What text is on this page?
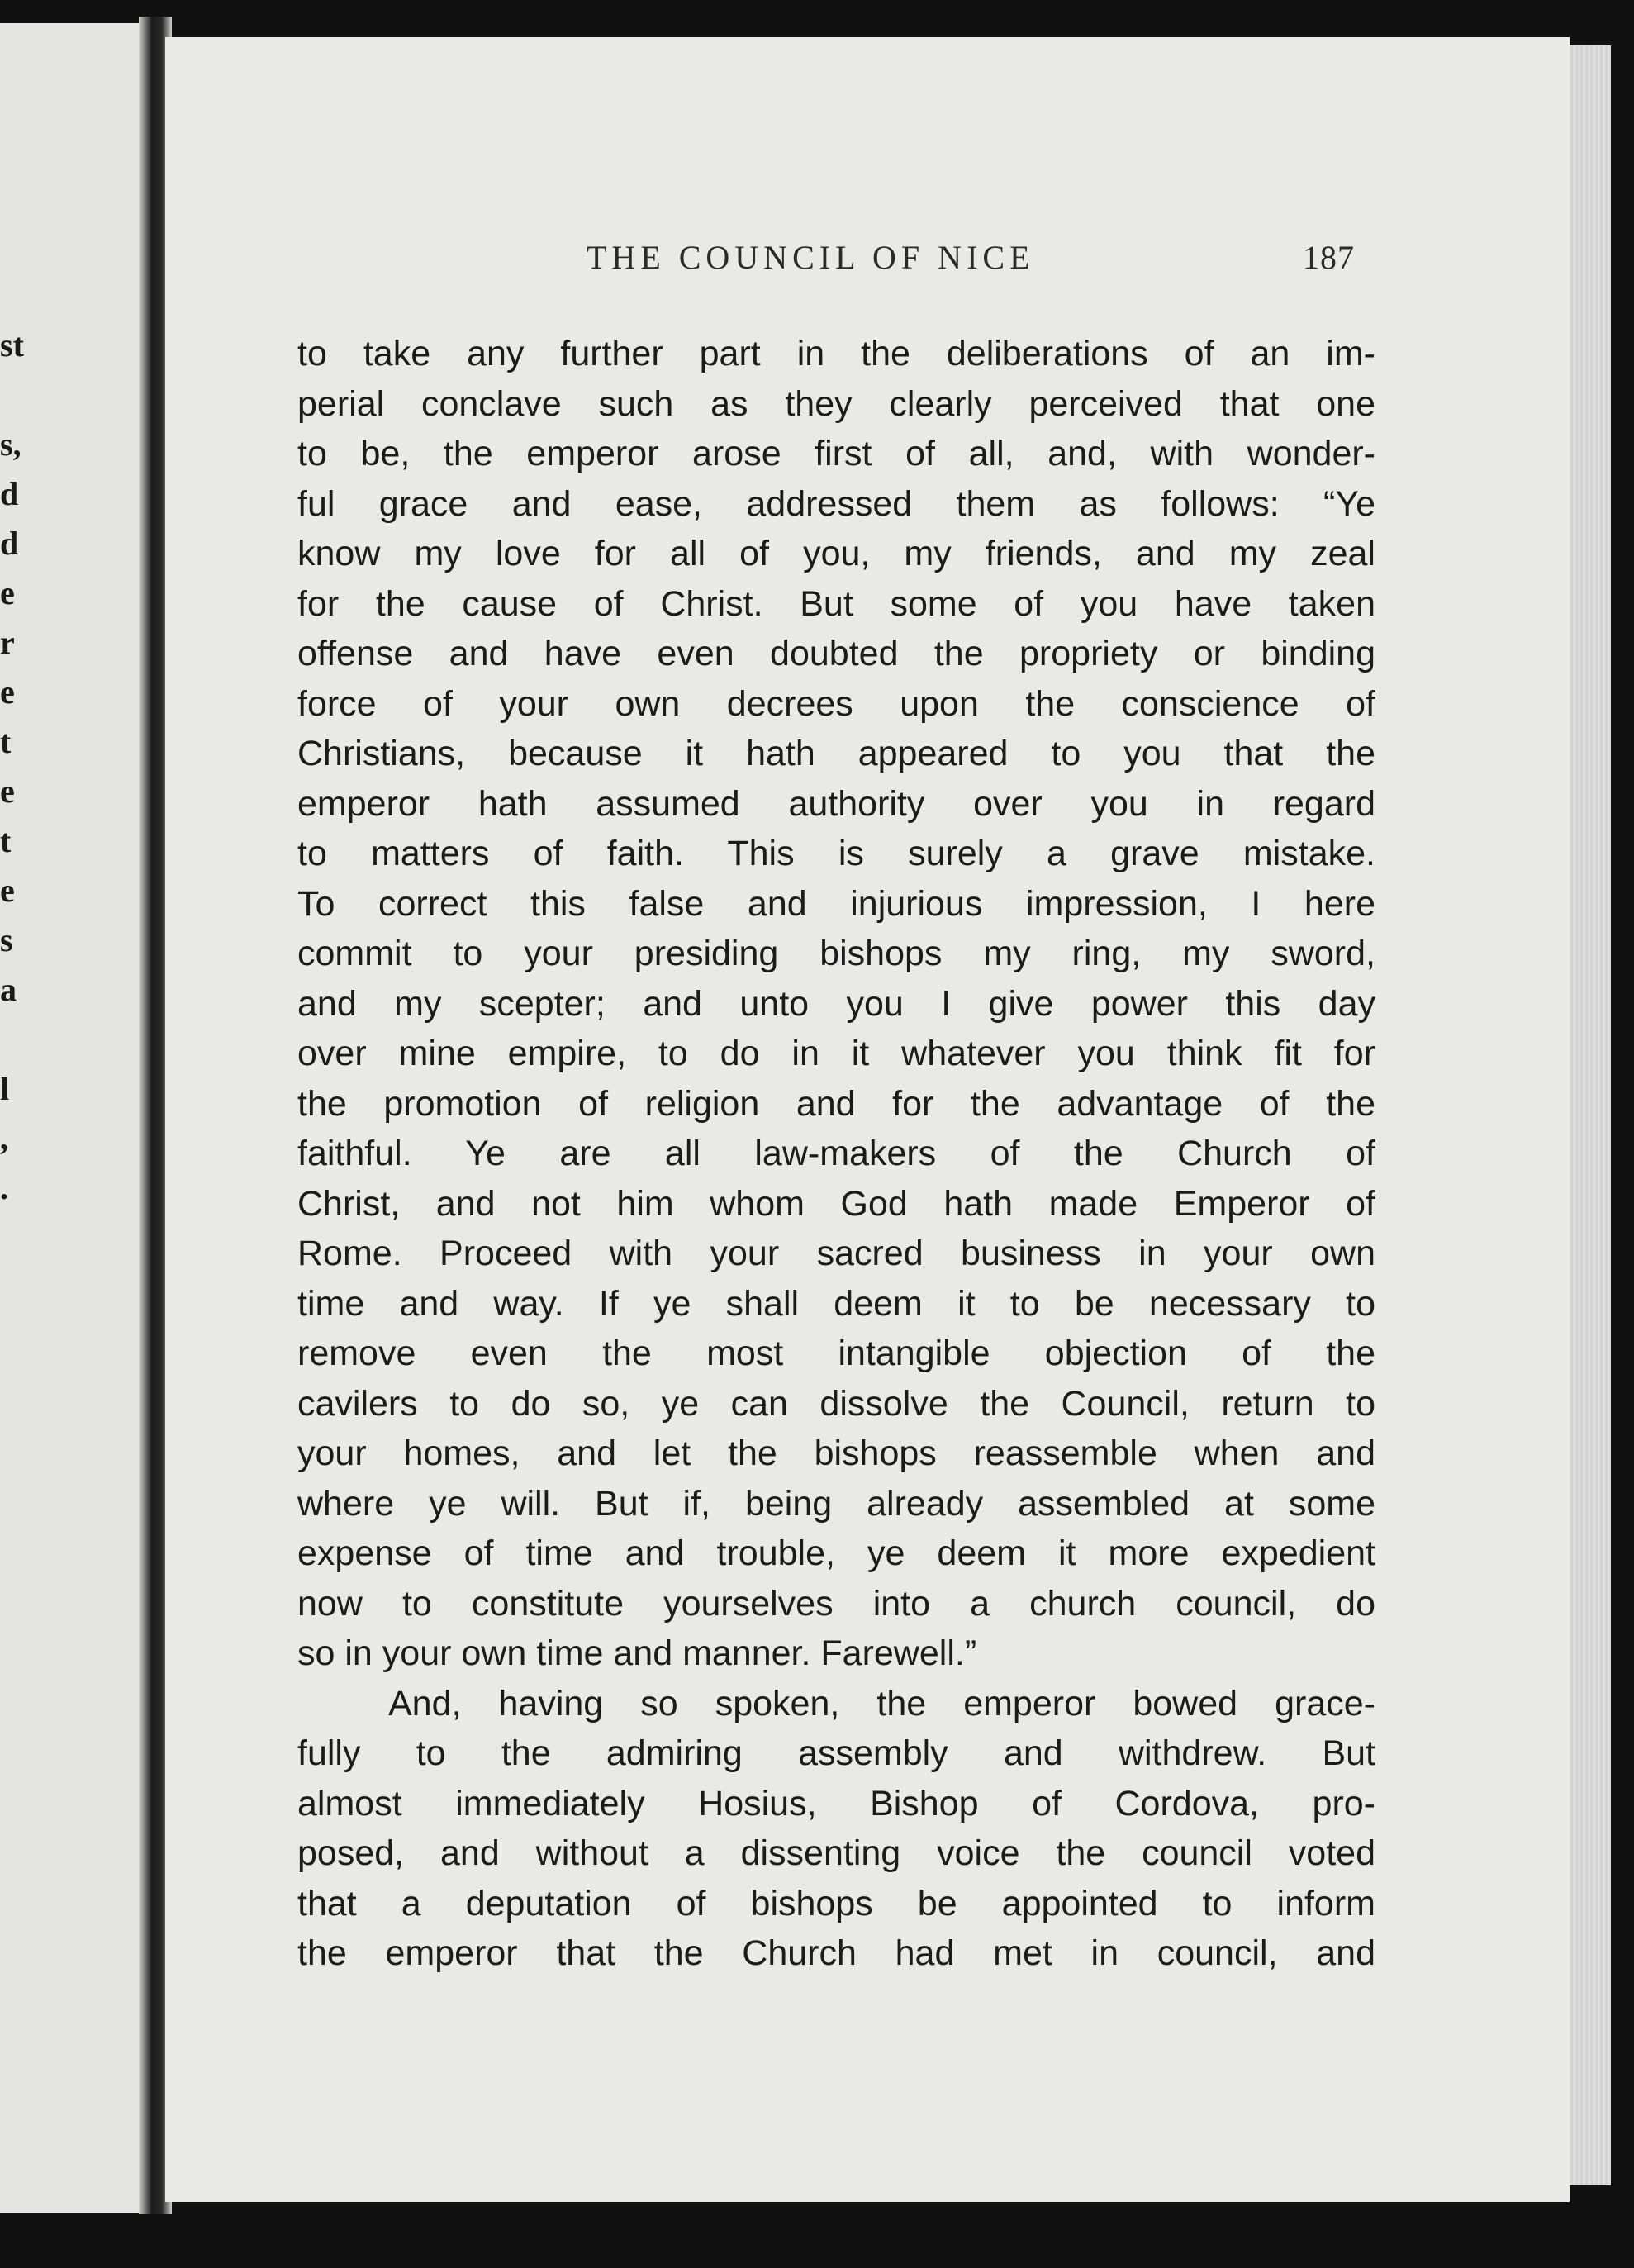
st
s,
d
d
e
r
e
t
e
t
e
s
a
l
,
.
THE COUNCIL OF NICE	187
to take any further part in the deliberations of an im-
perial conclave such as they clearly perceived that one
to be, the emperor arose first of all, and, with wonder-
ful grace and ease, addressed them as follows: “Ye
know my love for all of you, my friends, and my zeal
for the cause of Christ. But some of you have taken
offense and have even doubted the propriety or binding
force of your own decrees upon the conscience of
Christians, because it hath appeared to you that the
emperor hath assumed authority over you in regard
to matters of faith. This is surely a grave mistake.
To correct this false and injurious impression, I here
commit to your presiding bishops my ring, my sword,
and my scepter; and unto you I give power this day
over mine empire, to do in it whatever you think fit for
the promotion of religion and for the advantage of the
faithful. Ye are all law-makers of the Church of
Christ, and not him whom God hath made Emperor of
Rome. Proceed with your sacred business in your own
time and way. If ye shall deem it to be necessary to
remove even the most intangible objection of the
cavilers to do so, ye can dissolve the Council, return to
your homes, and let the bishops reassemble when and
where ye will. But if, being already assembled at some
expense of time and trouble, ye deem it more expedient
now to constitute yourselves into a church council, do
so in your own time and manner. Farewell.”
And, having so spoken, the emperor bowed grace-
fully to the admiring assembly and withdrew. But
almost immediately Hosius, Bishop of Cordova, pro-
posed, and without a dissenting voice the council voted
that a deputation of bishops be appointed to inform
the emperor that the Church had met in council, and
